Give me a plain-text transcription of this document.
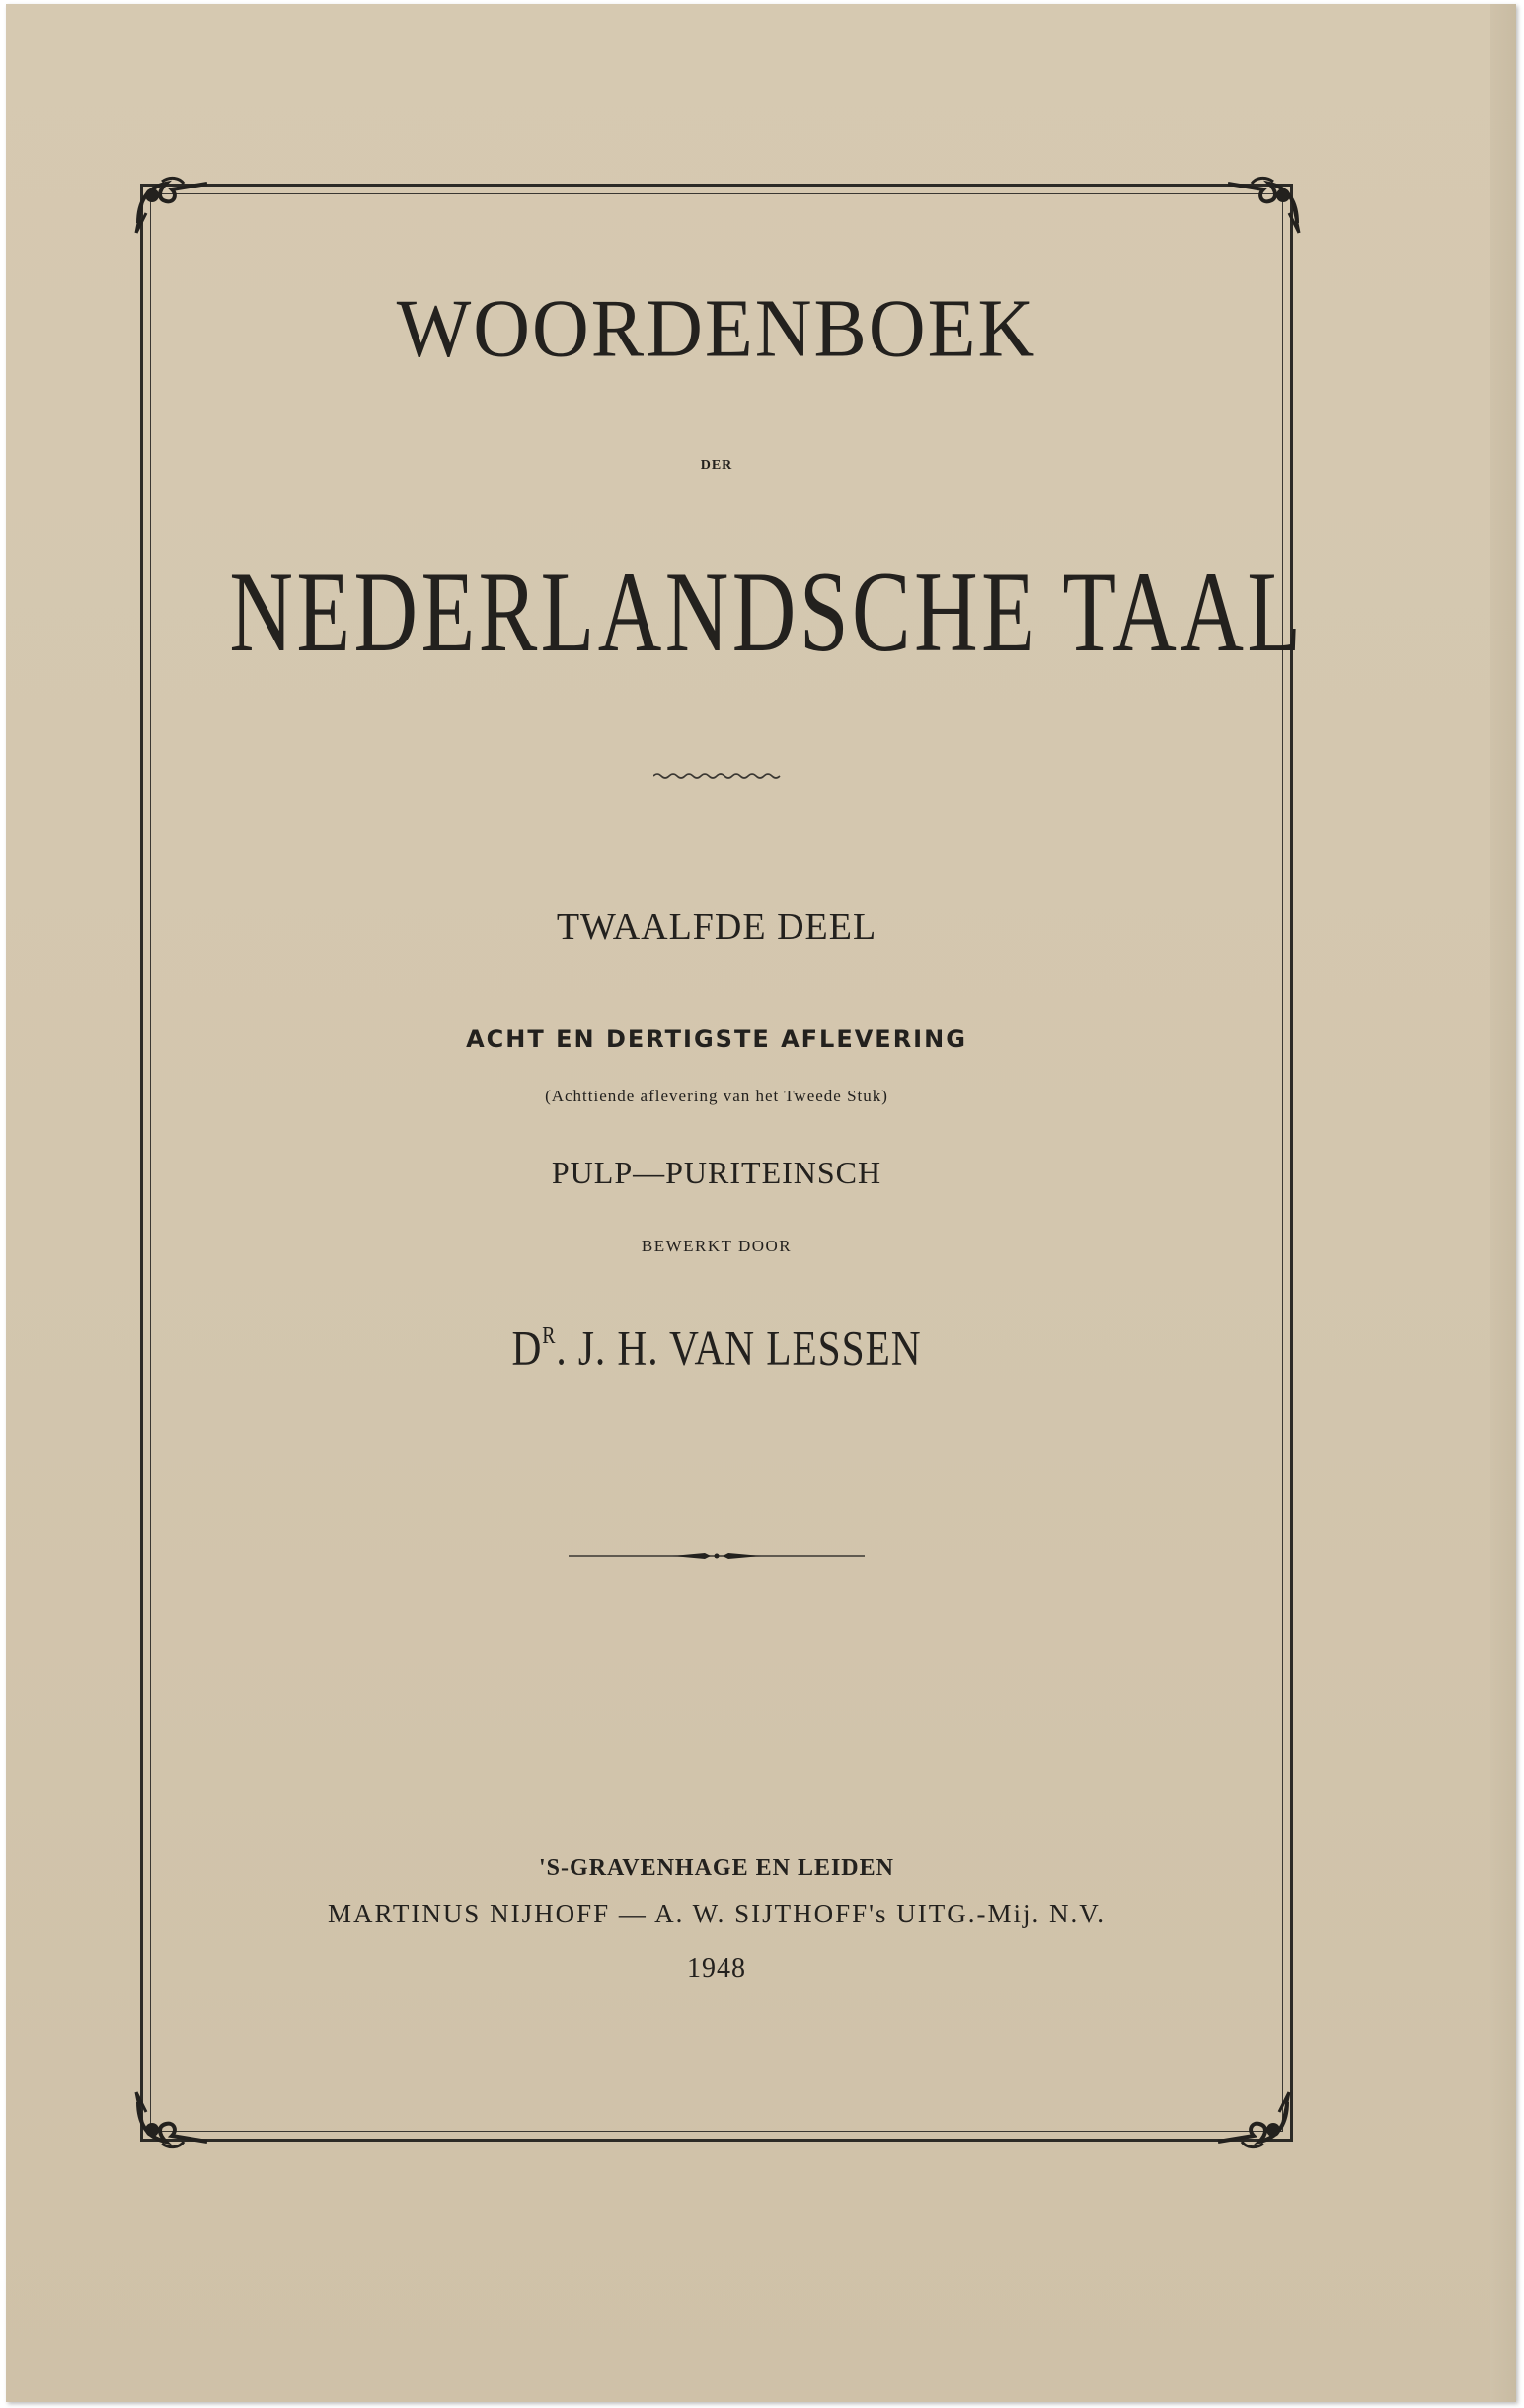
WOORDENBOEK
DER
NEDERLANDSCHE TAAL
TWAALFDE DEEL
ACHT EN DERTIGSTE AFLEVERING
(Achttiende aflevering van het Tweede Stuk)
PULP—PURITEINSCH
BEWERKT DOOR
$D^R$. J. H. VAN LESSEN
'S-GRAVENHAGE EN LEIDEN
MARTINUS NIJHOFF — A. W. SIJTHOFF's UITG.-Mij. N.V.
1948
